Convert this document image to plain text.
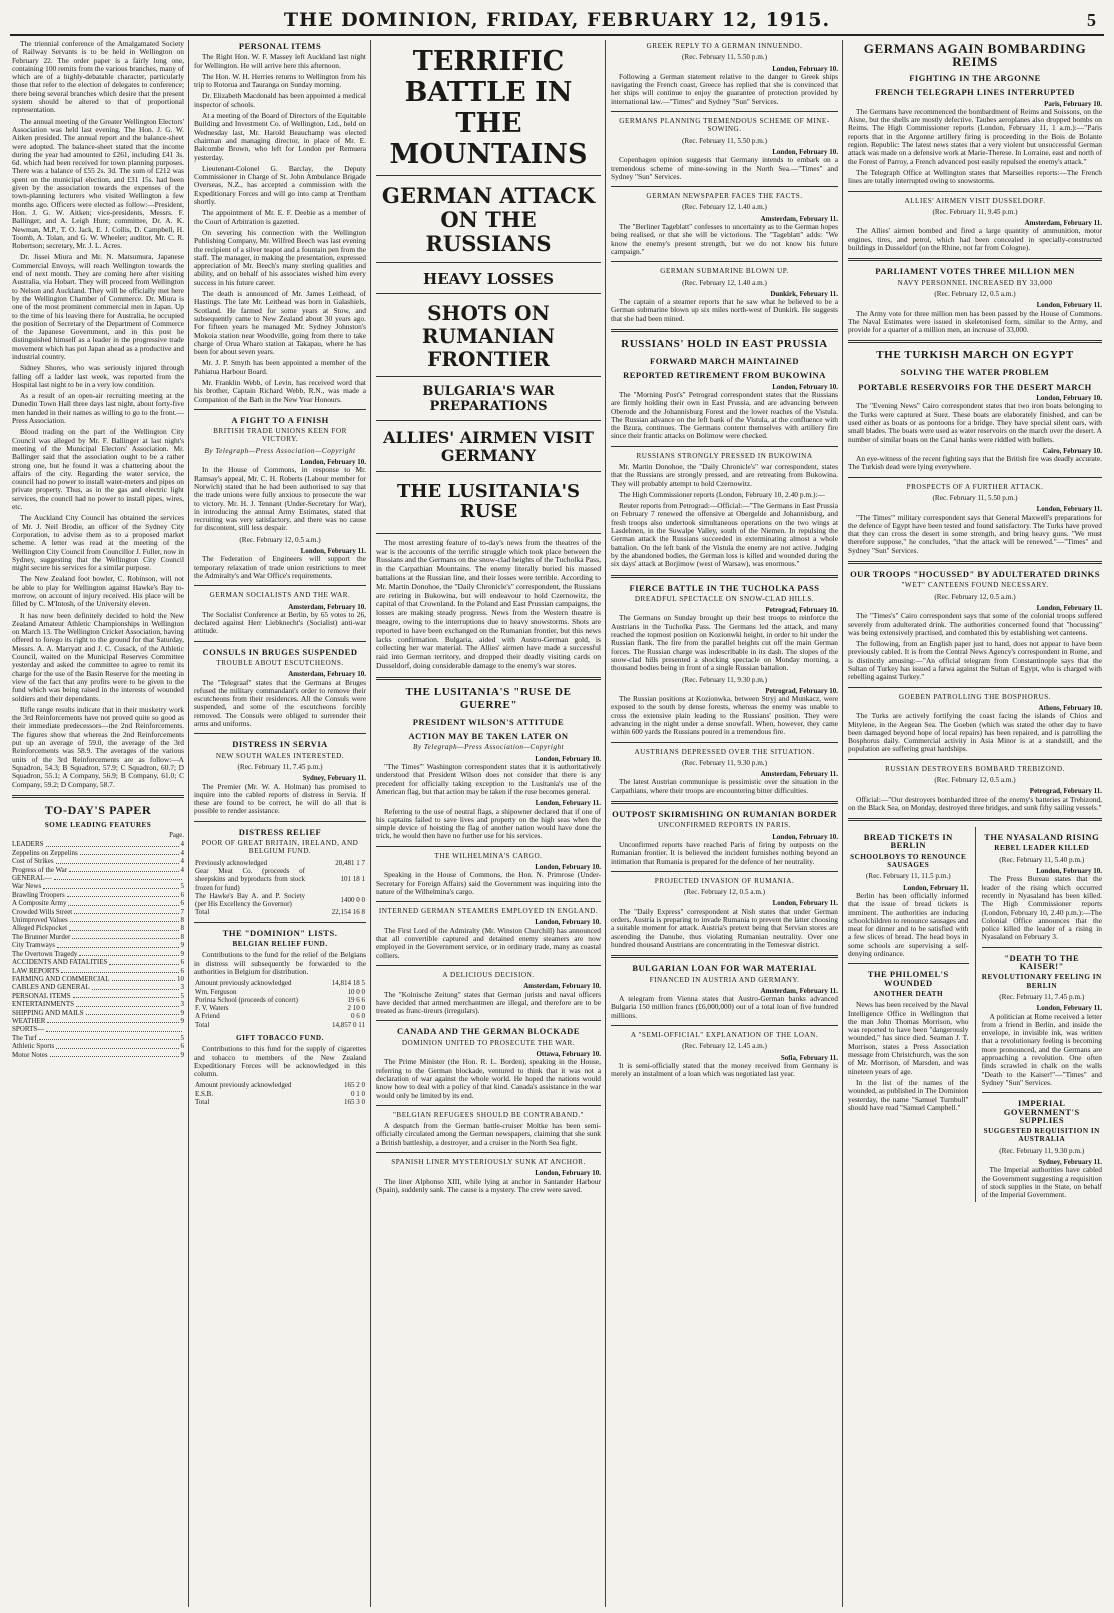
THE DOMINION, FRIDAY, FEBRUARY 12, 1915.	5

The triennial conference of the Amalgamated Society of Railway Servants is to be held in Wellington on February 22. The order paper is a fairly long one, containing 100 remits from the various branches, many of which are of a highly-debatable character, particularly those that refer to the election of delegates to conference; there being several branches which desire that the present system should be altered to that of proportional representation.

The annual meeting of the Greater Wellington Electors' Association was held last evening. The Hon. J. G. W. Aitken presided. The annual report and the balance-sheet were adopted. The balance-sheet stated that the income during the year had amounted to £261, including £41 3s. 6d. which had been received for town planning purposes. There was a balance of £55 2s. 3d. The sum of £212 was spent on the municipal election, and £31 15s. had been given by the association towards the expenses of the town-planning lecturers who visited Wellington a few months ago. Officers were elected as follow:—President, Hon. J. G. W. Aitken; vice-presidents, Messrs. F. Ballinger, and A. Leigh Hunt; committee, Dr. A. K. Newman, M.P., T. O. Jack, E. J. Collis, D. Campbell, H. Toomb, A. Tolan, and G. W. Wheeler; auditor, Mr. C. R. Robertson; secretary, Mr. J. L. Acres.

Dr. Jissei Miura and Mr. N. Matsumura, Japanese Commercial Envoys, will reach Wellington towards the end of next month. They are coming here after visiting Australia, via Hobart. They will proceed from Wellington to Nelson and Auckland. They will be officially met here by the Wellington Chamber of Commerce. Dr. Miura is one of the most prominent commercial men in Japan. Up to the time of his leaving there for Australia, he occupied the position of Secretary of the Department of Commerce of the Japanese Government, and in this post he distinguished himself as a leader in the progressive trade movement which has put Japan ahead as a productive and industrial country.

Sidney Shores, who was seriously injured through falling off a ladder last week, was reported from the Hospital last night to be in a very low condition.

As a result of an open-air recruiting meeting at the Dunedin Town Hall three days last night, about forty-five men handed in their names as willing to go to the front.—Press Association.

Blood trading on the part of the Wellington City Council was alleged by Mr. F. Ballinger at last night's meeting of the Municipal Electors' Association. Mr. Ballinger said that the association ought to be a rather strong one, but he found it was a chattering about the affairs of the city. Regarding the water service, the council had no power to install water-meters and pipes on private property. Thus, as in the gas and electric light services, the council had no power to install pipes, wires, etc.

The Auckland City Council has obtained the services of Mr. J. Neil Brodie, an officer of the Sydney City Corporation, to advise them as to a proposed market scheme. A letter was read at the meeting of the Wellington City Council from Councillor J. Fuller, now in Sydney, suggesting that the Wellington City Council might secure his services for a similar purpose.

The New Zealand foot bowler, C. Robinson, will not be able to play for Wellington against Hawke's Bay to-morrow, on account of injury received. His place will be filled by C. M'Intosh, of the University eleven.

It has now been definitely decided to hold the New Zealand Amateur Athletic Championships in Wellington on March 13. The Wellington Cricket Association, having offered to forego its right to the ground for that Saturday, Messrs. A. A. Marryatt and J. C. Cusack, of the Athletic Council, waited on the Municipal Reserves Committee yesterday and asked the committee to agree to remit its charge for the use of the Basin Reserve for the meeting in view of the fact that any profits were to be given to the fund which was being raised in the interests of wounded soldiers and their dependants.

Rifle range results indicate that in their musketry work the 3rd Reinforcements have not proved quite so good as their immediate predecessors—the 2nd Reinforcements. The figures show that whereas the 2nd Reinforcements put up an average of 59.0, the average of the 3rd Reinforcements was 58.9. The averages of the various units of the 3rd Reinforcements are as follow:—A Squadron, 54.3; B Squadron, 57.9; C Squadron, 60.7; D Squadron, 55.1; A Company, 56.9; B Company, 61.0; C Company, 59.2; D Company, 58.7.

TO-DAY'S PAPER
SOME LEADING FEATURES
Page.
LEADERS	4
Zeppelins on Zeppelins	4
Cost of Strikes	4
Progress of the War	4
GENERAL—
War News	5
Brawling Troopers	6
A Composite Army	6
Crowded Wills Street	7
Unimproved Values	8
Alleged Pickpocket	8
The Brunner Murder	8
City Tramways	9
The Overtown Tragedy	9
ACCIDENTS AND FATALITIES	6
LAW REPORTS	6
FARMING AND COMMERCIAL	10
CABLES AND GENERAL	3
PERSONAL ITEMS	5
ENTERTAINMENTS	3
SHIPPING AND MAILS	9
WEATHER	9
SPORTS—
The Turf	5
Athletic Sports	6
Motor Notes	9
PERSONAL ITEMS

The Right Hon. W. F. Massey left Auckland last night for Wellington. He will arrive here this afternoon.

The Hon. W. H. Herries returns to Wellington from his trip to Rotorua and Tauranga on Sunday morning.

Dr. Elizabeth Macdonald has been appointed a medical inspector of schools.

At a meeting of the Board of Directors of the Equitable Building and Investment Co. of Wellington, Ltd., held on Wednesday last, Mr. Harold Beauchamp was elected chairman and managing director, in place of Mr. E. Balcombe Brown, who left for London per Remuera yesterday.

Lieutenant-Colonel G. Barclay, the Deputy Commissioner in Charge of St. John Ambulance Brigade Overseas, N.Z., has accepted a commission with the Expeditionary Forces and will go into camp at Trentham shortly.

The appointment of Mr. E. F. Deebie as a member of the Court of Arbitration is gazetted.

On severing his connection with the Wellington Publishing Company, Mr. Wilfred Beech was last evening the recipient of a silver teapot and a fountain pen from the staff. The manager, in making the presentation, expressed appreciation of Mr. Beech's many sterling qualities and ability, and on behalf of his associates wished him every success in his future career.

The death is announced of Mr. James Leithead, of Hastings. The late Mr. Leithead was born in Galashiels, Scotland. He farmed for some years at Stow, and subsequently came to New Zealand about 30 years ago. For fifteen years he managed Mr. Sydney Johnston's Mokoia station near Woodville, going from there to take charge of Orua Wharo station at Takapau, where he has been for about seven years.

Mr. J. P. Smyth has been appointed a member of the Pahiatua Harbour Board.

Mr. Franklin Webb, of Levin, has received word that his brother, Captain Richard Webb, R.N., was made a Companion of the Bath in the New Year Honours.

A FIGHT TO A FINISH
BRITISH TRADE UNIONS KEEN FOR VICTORY.
By Telegraph—Press Association—Copyright
London, February 10.

In the House of Commons, in response to Mr. Ramsay's appeal, Mr. C. H. Roberts (Labour member for Norwich) stated that he had been authorised to say that the trade unions were fully anxious to prosecute the war to victory. Mr. H. J. Tennant (Under-Secretary for War), in introducing the annual Army Estimates, stated that recruiting was very satisfactory, and there was no cause for discontent, still less despair.

(Rec. February 12, 0.5 a.m.)
London, February 11.

The Federation of Engineers will support the temporary relaxation of trade union restrictions to meet the Admiralty's and War Office's requirements.

GERMAN SOCIALISTS AND THE WAR.
Amsterdam, February 10.

The Socialist Conference at Berlin, by 65 votes to 26, declared against Herr Liebknecht's (Socialist) anti-war attitude.

CONSULS IN BRUGES SUSPENDED
TROUBLE ABOUT ESCUTCHEONS.
Amsterdam, February 10.

The "Telegraaf" states that the Germans at Bruges refused the military commandant's order to remove their escutcheons from their residences. All the Consuls were suspended, and some of the escutcheons forcibly removed. The Consuls were obliged to surrender their arms and uniforms.

DISTRESS IN SERVIA
NEW SOUTH WALES INTERESTED.
(Rec. February 11, 7.45 p.m.)
Sydney, February 11.

The Premier (Mr. W. A. Holman) has promised to inquire into the cabled reports of distress in Servia. If these are found to be correct, he will do all that is possible to render assistance.

DISTRESS RELIEF
POOR OF GREAT BRITAIN, IRELAND, AND BELGIUM FUND.
Previously acknowledged	20,481 1 7
Gear Meat Co. (proceeds of sheepskins and byproducts from stock frozen for fund)	101 18 1
The Hawke's Bay A. and P. Society (per His Excellency the Governor)	1400 0 0
Total	22,154 16 8
THE "DOMINION" LISTS.
BELGIAN RELIEF FUND.

Contributions to the fund for the relief of the Belgians in distress will subsequently be forwarded to the authorities in Belgium for distribution.

Amount previously acknowledged	14,814 18 5
Wm. Ferguson	10 0 0
Porirua School (proceeds of concert)	19 6 6
F. V. Waters	2 10 0
A Friend	0 6 0
Total	14,857 0 11
GIFT TOBACCO FUND.

Contributions to this fund for the supply of cigarettes and tobacco to members of the New Zealand Expeditionary Forces will be acknowledged in this column.

Amount previously acknowledged	165 2 0
E.S.B.	0 1 0
Total	165 3 0
TERRIFIC BATTLE IN THE MOUNTAINS
GERMAN ATTACK ON THE RUSSIANS
HEAVY LOSSES
SHOTS ON RUMANIAN FRONTIER
BULGARIA'S WAR PREPARATIONS
ALLIES' AIRMEN VISIT GERMANY
THE LUSITANIA'S RUSE

The most arresting feature of to-day's news from the theatres of the war is the accounts of the terrific struggle which took place between the Russians and the Germans on the snow-clad heights of the Tucholka Pass, in the Carpathian Mountains. The enemy literally buried his massed battalions at the Russian line, and their losses were terrible. According to Mr. Martin Donohoe, the "Daily Chronicle's" correspondent, the Russians are retiring in Bukowina, but will endeavour to hold Czernowitz, the capital of that Crownland. In the Poland and East Prussian campaigns, the losses are making steady progress. News from the Western theatre is meagre, owing to the interruptions due to heavy snowstorms. Shots are reported to have been exchanged on the Rumanian frontier, but this news lacks confirmation. Bulgaria, aided with Austro-German gold, is collecting her war material. The Allies' airmen have made a successful raid into German territory, and dropped their deadly visiting cards on Dusseldorf, doing considerable damage to the enemy's war stores.

THE LUSITANIA'S "RUSE DE GUERRE"
PRESIDENT WILSON'S ATTITUDE
ACTION MAY BE TAKEN LATER ON
By Telegraph—Press Association—Copyright
London, February 10.

"The Times'" Washington correspondent states that it is authoritatively understood that President Wilson does not consider that there is any precedent for officially taking exception to the Lusitania's use of the American flag, but that action may be taken if the ruse becomes general.

London, February 11.

Referring to the use of neutral flags, a shipowner declared that if one of his captains failed to save lives and property on the high seas when the simple device of hoisting the flag of another nation would have done the trick, he would then have no further use for his services.

THE WILHELMINA'S CARGO.
London, February 10.

Speaking in the House of Commons, the Hon. N. Primrose (Under-Secretary for Foreign Affairs) said the Government was inquiring into the nature of the Wilhelmina's cargo.

INTERNED GERMAN STEAMERS EMPLOYED IN ENGLAND.
London, February 10.

The First Lord of the Admiralty (Mr. Winston Churchill) has announced that all convertible captured and detained enemy steamers are now employed in the Government service, or in ordinary trade, many as coastal colliers.

A DELICIOUS DECISION.
Amsterdam, February 10.

The "Kolnische Zeitung" states that German jurists and naval officers have decided that armed merchantmen are illegal, and therefore are to be treated as franc-tireurs (irregulars).

CANADA AND THE GERMAN BLOCKADE
DOMINION UNITED TO PROSECUTE THE WAR.
Ottawa, February 10.

The Prime Minister (the Hon. R. L. Borden), speaking in the House, referring to the German blockade, ventured to think that it was not a declaration of war against the whole world. He hoped the nations would know how to deal with a policy of that kind. Canada's assistance in the war would only be limited by its end.

"BELGIAN REFUGEES SHOULD BE CONTRABAND."

A despatch from the German battle-cruiser Moltke has been semi-officially circulated among the German newspapers, claiming that she sunk a British battleship, a destroyer, and a cruiser in the North Sea fight.

SPANISH LINER MYSTERIOUSLY SUNK AT ANCHOR.
London, February 10.

The liner Alphonso XIII, while lying at anchor in Santander Harbour (Spain), suddenly sank. The cause is a mystery. The crew were saved.

GREEK REPLY TO A GERMAN INNUENDO.
(Rec. February 11, 5.50 p.m.)
London, February 10.

Following a German statement relative to the danger to Greek ships navigating the French coast, Greece has replied that she is convinced that her ships will continue to enjoy the guarantee of protection provided by international law.—"Times" and Sydney "Sun" Services.

GERMANS PLANNING TREMENDOUS SCHEME OF MINE-SOWING.
(Rec. February 11, 5.50 p.m.)
London, February 10.

Copenhagen opinion suggests that Germany intends to embark on a tremendous scheme of mine-sowing in the North Sea.—"Times" and Sydney "Sun" Services.

GERMAN NEWSPAPER FACES THE FACTS.
(Rec. February 12, 1.40 a.m.)
Amsterdam, February 11.

The "Berliner Tageblatt" confesses to uncertainty as to the German hopes being realised, or that she will be victorious. The "Tageblatt" adds: "We know the enemy's present strength, but we do not know his future campaign."

GERMAN SUBMARINE BLOWN UP.
(Rec. February 12, 1.40 a.m.)
Dunkirk, February 11.

The captain of a steamer reports that he saw what he believed to be a German submarine blown up six miles north-west of Dunkirk. He suggests that she had been mined.

RUSSIANS' HOLD IN EAST PRUSSIA
FORWARD MARCH MAINTAINED
REPORTED RETIREMENT FROM BUKOWINA
London, February 10.

The "Morning Post's" Petrograd correspondent states that the Russians are firmly holding their own in East Prussia, and are advancing between Oberode and the Johannisburg Forest and the lower reaches of the Vistula. The Russian advance on the left bank of the Vistula, at the confluence with the Bzura, continues. The Germans content themselves with artillery fire since their frantic attacks on Bolimow were checked.

RUSSIANS STRONGLY PRESSED IN BUKOWINA

Mr. Martin Donohoe, the "Daily Chronicle's" war correspondent, states that the Russians are strongly pressed, and are retreating from Bukowina. They will probably attempt to hold Czernowitz.

The High Commissioner reports (London, February 10, 2.40 p.m.):—

Reuter reports from Petrograd:—Official:—"The Germans in East Prussia on February 7 renewed the offensive at Obergelde and Johannisburg, and fresh troops also undertook simultaneous operations on the two wings at Lasdehnen, in the Suwalpe Valley, south of the Niemen. In repulsing the German attack the Russians succeeded in exterminating almost a whole battalion. On the left bank of the Vistula the enemy are not active. Judging by the abandoned bodies, the German loss is killed and wounded during the six days' attack at Borjimow (west of Warsaw), was enormous."

FIERCE BATTLE IN THE TUCHOLKA PASS
DREADFUL SPECTACLE ON SNOW-CLAD HILLS.
Petrograd, February 10.

The Germans on Sunday brought up their best troops to reinforce the Austrians in the Tucholka Pass. The Germans led the attack, and many reached the topmost position on Kozionwki height, in order to hit under the Russian flank. The fire from the parallel heights cut off the main German forces. The Russian charge was indescribable in its dash. The slopes of the snow-clad hills presented a shocking spectacle on Monday morning, a thousand bodies being in front of a single Russian battalion.

(Rec. February 11, 9.30 p.m.)
Petrograd, February 10.

The Russian positions at Kozionwka, between Stryj and Munkacz, were exposed to the south by dense forests, whereas the enemy was unable to cross the extensive plain leading to the Russians' position. They were advancing in the night under a dense snowfall. When, however, they came within 600 yards the Russians poured in a tremendous fire.

AUSTRIANS DEPRESSED OVER THE SITUATION.
(Rec. February 11, 9.30 p.m.)
Amsterdam, February 11.

The latest Austrian communique is pessimistic over the situation in the Carpathians, where their troops are encountering bitter difficulties.

OUTPOST SKIRMISHING ON RUMANIAN BORDER
UNCONFIRMED REPORTS IN PARIS.
London, February 10.

Unconfirmed reports have reached Paris of firing by outposts on the Rumanian frontier. It is believed the incident furnishes nothing beyond an intimation that Rumania is prepared for the defence of her neutrality.

PROJECTED INVASION OF RUMANIA.
(Rec. February 12, 0.5 a.m.)
London, February 11.

The "Daily Express" correspondent at Nish states that under German orders, Austria is preparing to invade Rumania to prevent the latter choosing a suitable moment for attack. Austria's pretext being that Servian stores are ascending the Danube, thus violating Rumanian neutrality. Over one hundred thousand Austrians are concentrating in the Temesvar district.

BULGARIAN LOAN FOR WAR MATERIAL
FINANCED IN AUSTRIA AND GERMANY.
Amsterdam, February 11.

A telegram from Vienna states that Austro-German banks advanced Bulgaria 150 million francs (£6,000,000) out of a total loan of five hundred millions.

A "SEMI-OFFICIAL" EXPLANATION OF THE LOAN.
(Rec. February 12, 1.45 a.m.)
Sofia, February 11.

It is semi-officially stated that the money received from Germany is merely an instalment of a loan which was negotiated last year.

GERMANS AGAIN BOMBARDING REIMS
FIGHTING IN THE ARGONNE
FRENCH TELEGRAPH LINES INTERRUPTED
Paris, February 10.

The Germans have recommenced the bombardment of Reims and Soissons, on the Aisne, but the shells are mostly defective. Taubes aeroplanes also dropped bombs on Reims. The High Commissioner reports (London, February 11, 1 a.m.):—"Paris reports that in the Argonne artillery firing is proceeding in the Bois de Bolante region. Republic: The latest news states that a very violent but unsuccessful German attack was made on a defensive work at Marie-Therese. In Lorraine, east and north of the Forest of Parroy, a French advanced post easily repulsed the enemy's attack."

The Telegraph Office at Wellington states that Marseilles reports:—The French lines are totally interrupted owing to snowstorms.

ALLIES' AIRMEN VISIT DUSSELDORF.
(Rec. February 11, 9.45 p.m.)
Amsterdam, February 11.

The Allies' airmen bombed and fired a large quantity of ammunition, motor engines, tires, and petrol, which had been concealed in specially-constructed buildings in Dusseldorf (on the Rhine, not far from Cologne).

PARLIAMENT VOTES THREE MILLION MEN
NAVY PERSONNEL INCREASED BY 33,000
(Rec. February 12, 0.5 a.m.)
London, February 11.

The Army vote for three million men has been passed by the House of Commons. The Naval Estimates were issued in skeletonised form, similar to the Army, and provide for a quarter of a million men, an increase of 33,000.

THE TURKISH MARCH ON EGYPT
SOLVING THE WATER PROBLEM
PORTABLE RESERVOIRS FOR THE DESERT MARCH
London, February 10.

The "Evening News" Cairo correspondent states that two iron boats belonging to the Turks were captured at Suez. These boats are elaborately finished, and can be used either as boats or as pontoons for a bridge. They have special silent oars, with small blades. The boats were used as water reservoirs on the march over the desert. A number of similar boats on the Canal banks were riddled with bullets.

Cairo, February 10.

An eye-witness of the recent fighting says that the British fire was deadly accurate. The Turkish dead were lying everywhere.

PROSPECTS OF A FURTHER ATTACK.
(Rec. February 11, 5.50 p.m.)
London, February 11.

"The Times'" military correspondent says that General Maxwell's preparations for the defence of Egypt have been tested and found satisfactory. The Turks have proved that they can cross the desert in some strength, and bring heavy guns. "We must therefore suppose," he concludes, "that the attack will be renewed."—"Times" and Sydney "Sun" Services.

OUR TROOPS "HOCUSSED" BY ADULTERATED DRINKS
"WET" CANTEENS FOUND NECESSARY.
(Rec. February 12, 0.5 a.m.)
London, February 11.

The "Times's" Cairo correspondent says that some of the colonial troops suffered severely from adulterated drink. The authorities concerned found that "hocussing" was being extensively practised, and combated this by establishing wet canteens.

The following, from an English paper just to hand, does not appear to have been previously cabled. It is from the Central News Agency's correspondent in Rome, and is distinctly amusing:—"An official telegram from Constantinople says that the Sultan of Turkey has issued a fatwa against the Sultan of Egypt, who is charged with rebelling against Turkey."

GOEBEN PATROLLING THE BOSPHORUS.
Athens, February 10.

The Turks are actively fortifying the coast facing the islands of Chios and Mitylene, in the Aegean Sea. The Goeben (which was stated the other day to have been damaged beyond hope of local repairs) has been repaired, and is patrolling the Bosphorus daily. Commercial activity in Asia Minor is at a standstill, and the population are suffering great hardships.

RUSSIAN DESTROYERS BOMBARD TREBIZOND.
(Rec. February 12, 0.5 a.m.)
Petrograd, February 11.

Official:—"Our destroyers bombarded three of the enemy's batteries at Trebizond, on the Black Sea, on Monday, destroyed three bridges, and sunk fifty sailing vessels."

BREAD TICKETS IN BERLIN
SCHOOLBOYS TO RENOUNCE SAUSAGES
(Rec. February 11, 11.5 p.m.)
London, February 11.

Berlin has been officially informed that the issue of bread tickets is imminent. The authorities are inducing schoolchildren to renounce sausages and meat for dinner and to be satisfied with a few slices of bread. The head boys in some schools are supervising a self-denying ordinance.

THE PHILOMEL'S WOUNDED
ANOTHER DEATH

News has been received by the Naval Intelligence Office in Wellington that the man John Thomas Morrison, who was reported to have been "dangerously wounded," has since died. Seaman J. T. Morrison, states a Press Association message from Christchurch, was the son of Mr. Morrison, of Marsden, and was nineteen years of age.

In the list of the names of the wounded, as published in The Dominion yesterday, the name "Samuel Turnbull" should have read "Samuel Campbell."

THE NYASALAND RISING
REBEL LEADER KILLED
(Rec. February 11, 5.40 p.m.)
London, February 10.

The Press Bureau states that the leader of the rising which occurred recently in Nyasaland has been killed. The High Commissioner reports (London, February 10, 2.40 p.m.):—The Colonial Office announces that the police killed the leader of a rising in Nyasaland on February 3.

"DEATH TO THE KAISER!"
REVOLUTIONARY FEELING IN BERLIN
(Rec. February 11, 7.45 p.m.)
London, February 11.

A politician at Rome received a letter from a friend in Berlin, and inside the envelope, in invisible ink, was written that a revolutionary feeling is becoming more pronounced, and the Germans are approaching a revolution. One often finds scrawled in chalk on the walls "Death to the Kaiser!"—"Times" and Sydney "Sun" Services.

IMPERIAL GOVERNMENT'S SUPPLIES
SUGGESTED REQUISITION IN AUSTRALIA
(Rec. February 11, 9.30 p.m.)
Sydney, February 11.

The Imperial authorities have cabled the Government suggesting a requisition of stock supplies in the State, on behalf of the Imperial Government.
